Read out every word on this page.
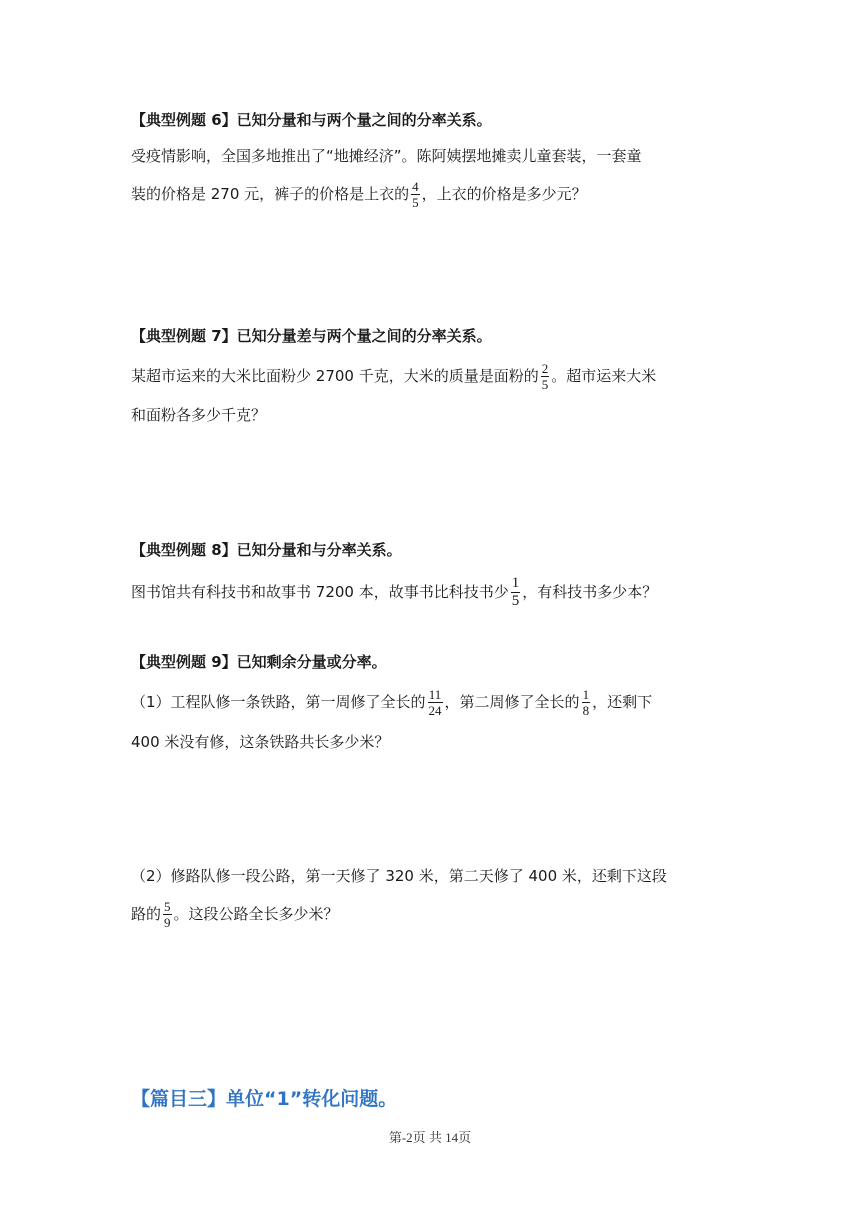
【典型例题 6】已知分量和与两个量之间的分率关系。
受疫情影响，全国多地推出了“地摊经济”。陈阿姨摆地摊卖儿童套装，一套童
装的价格是 270 元，裤子的价格是上衣的 $\frac{4}{5}$ ，上衣的价格是多少元？
【典型例题 7】已知分量差与两个量之间的分率关系。
某超市运来的大米比面粉少 2700 千克，大米的质量是面粉的 $\frac{2}{5}$ 。超市运来大米
和面粉各多少千克？
【典型例题 8】已知分量和与分率关系。
图书馆共有科技书和故事书 7200 本，故事书比科技书少 $\frac{1}{5}$ ，有科技书多少本？
【典型例题 9】已知剩余分量或分率。
（1）工程队修一条铁路，第一周修了全长的 $\frac{11}{24}$ ，第二周修了全长的 $\frac{1}{8}$ ，还剩下
400 米没有修，这条铁路共长多少米？
（2）修路队修一段公路，第一天修了 320 米，第二天修了 400 米，还剩下这段
路的 $\frac{5}{9}$ 。这段公路全长多少米？
【篇目三】单位“1”转化问题。
第-2页 共 14页
